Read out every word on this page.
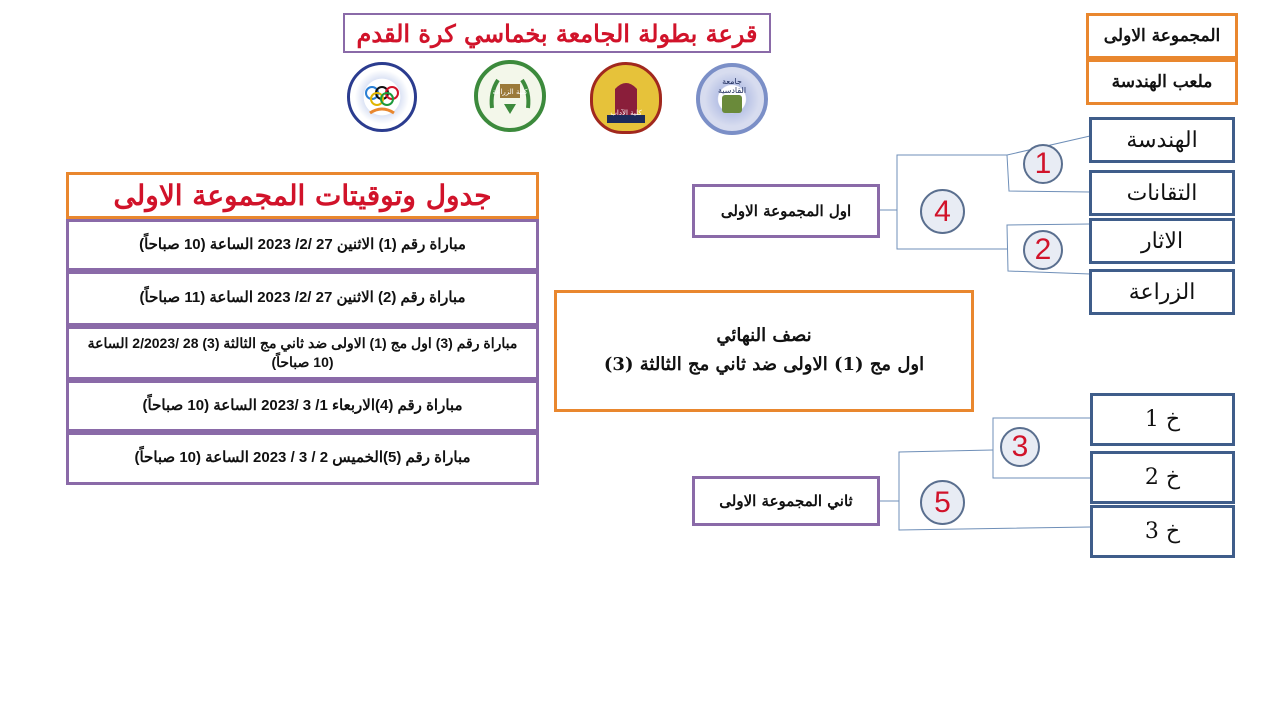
قرعة بطولة الجامعة بخماسي كرة القدم
كلية الزراعة
كلية الآداب
جامعة القادسية
المجموعة الاولى
ملعب الهندسة
جدول وتوقيتات المجموعة الاولى
مباراة رقم (1) الاثنين 27 /2/ 2023 الساعة (10 صباحاً)
مباراة رقم (2) الاثنين 27 /2/ 2023 الساعة (11 صباحاً)
مباراة رقم (3) اول مج (1) الاولى ضد ثاني مج الثالثة (3) 28 /2/2023 الساعة (10 صباحاً)
مباراة رقم (4)الاربعاء 1/ 3 /2023 الساعة (10 صباحاً)
مباراة رقم (5)الخميس 2 / 3 / 2023 الساعة (10 صباحاً)
نصف النهائي
اول مج (1) الاولى ضد ثاني مج الثالثة (3)
الهندسة
التقانات
الاثار
الزراعة
خ 1
خ 2
خ 3
1
2
3
4
5
اول المجموعة الاولى
ثاني المجموعة الاولى
